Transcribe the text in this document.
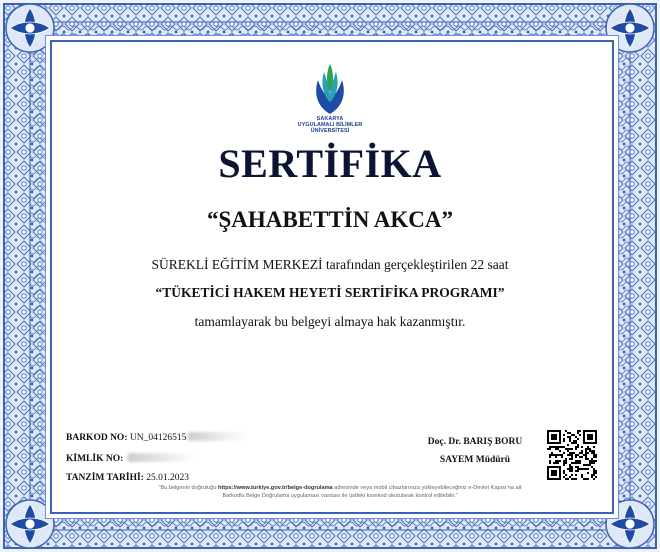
SAKARYA
UYGULAMALI BİLİMLER
ÜNİVERSİTESİ
SERTİFİKA
“ŞAHABETTİN AKCA”
SÜREKLİ EĞİTİM MERKEZİ tarafından gerçekleştirilen 22 saat
“TÜKETİCİ HAKEM HEYETİ SERTİFİKA PROGRAMI”
tamamlayarak bu belgeyi almaya hak kazanmıştır.
BARKOD NO: UN_04126515
KİMLİK NO:
TANZİM TARİHİ: 25.01.2023
Doç. Dr. BARIŞ BORU
SAYEM Müdürü
“Bu belgenin doğruluğu https://www.turkiye.gov.tr/belge-dogrulama adresinde veya mobil cihazlarınıza yükleyebileceğiniz e-Devlet Kapısı’na ait Barkodlu Belge Doğrulama uygulaması vasıtası ile üstteki karekod okutularak kontrol edilebilir.”
